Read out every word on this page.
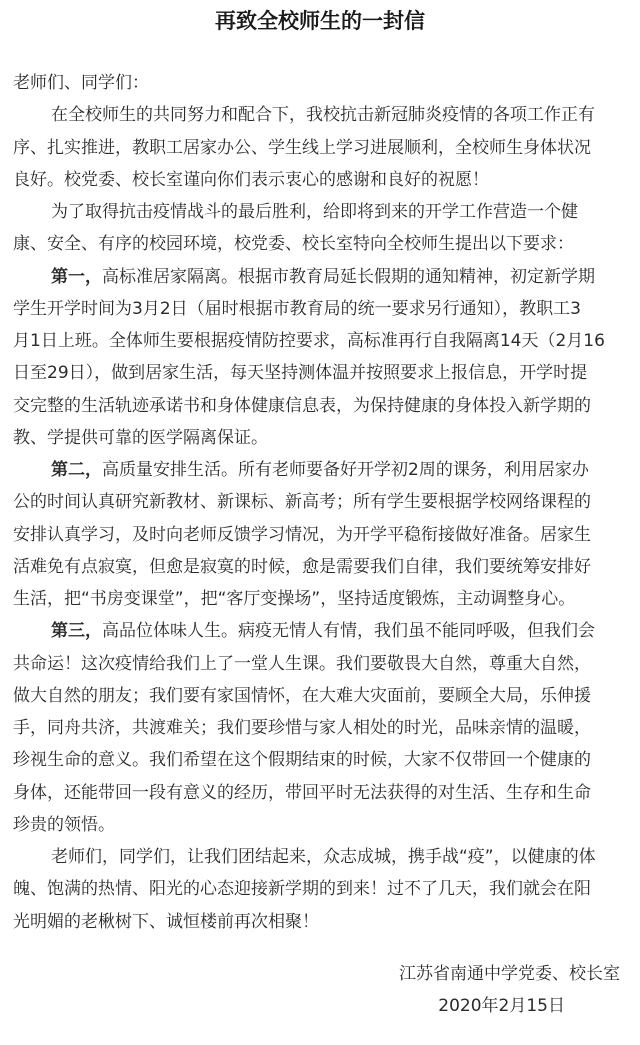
再致全校师生的一封信
老师们、同学们：
在全校师生的共同努力和配合下，我校抗击新冠肺炎疫情的各项工作正有
序、扎实推进，教职工居家办公、学生线上学习进展顺利，全校师生身体状况
良好。校党委、校长室谨向你们表示衷心的感谢和良好的祝愿！
为了取得抗击疫情战斗的最后胜利，给即将到来的开学工作营造一个健
康、安全、有序的校园环境，校党委、校长室特向全校师生提出以下要求：
第一，高标准居家隔离。根据市教育局延长假期的通知精神，初定新学期
学生开学时间为3月2日（届时根据市教育局的统一要求另行通知），教职工3
月1日上班。全体师生要根据疫情防控要求，高标准再行自我隔离14天（2月16
日至29日），做到居家生活，每天坚持测体温并按照要求上报信息，开学时提
交完整的生活轨迹承诺书和身体健康信息表，为保持健康的身体投入新学期的
教、学提供可靠的医学隔离保证。
第二，高质量安排生活。所有老师要备好开学初2周的课务，利用居家办
公的时间认真研究新教材、新课标、新高考；所有学生要根据学校网络课程的
安排认真学习，及时向老师反馈学习情况，为开学平稳衔接做好准备。居家生
活难免有点寂寞，但愈是寂寞的时候，愈是需要我们自律，我们要统筹安排好
生活，把“书房变课堂”，把“客厅变操场”，坚持适度锻炼，主动调整身心。
第三，高品位体味人生。病疫无情人有情，我们虽不能同呼吸，但我们会
共命运！这次疫情给我们上了一堂人生课。我们要敬畏大自然，尊重大自然，
做大自然的朋友；我们要有家国情怀，在大难大灾面前，要顾全大局，乐伸援
手，同舟共济，共渡难关；我们要珍惜与家人相处的时光，品味亲情的温暖，
珍视生命的意义。我们希望在这个假期结束的时候，大家不仅带回一个健康的
身体，还能带回一段有意义的经历，带回平时无法获得的对生活、生存和生命
珍贵的领悟。
老师们，同学们，让我们团结起来，众志成城，携手战“疫”，以健康的体
魄、饱满的热情、阳光的心态迎接新学期的到来！过不了几天，我们就会在阳
光明媚的老楸树下、诚恒楼前再次相聚！
江苏省南通中学党委、校长室
2020年2月15日
